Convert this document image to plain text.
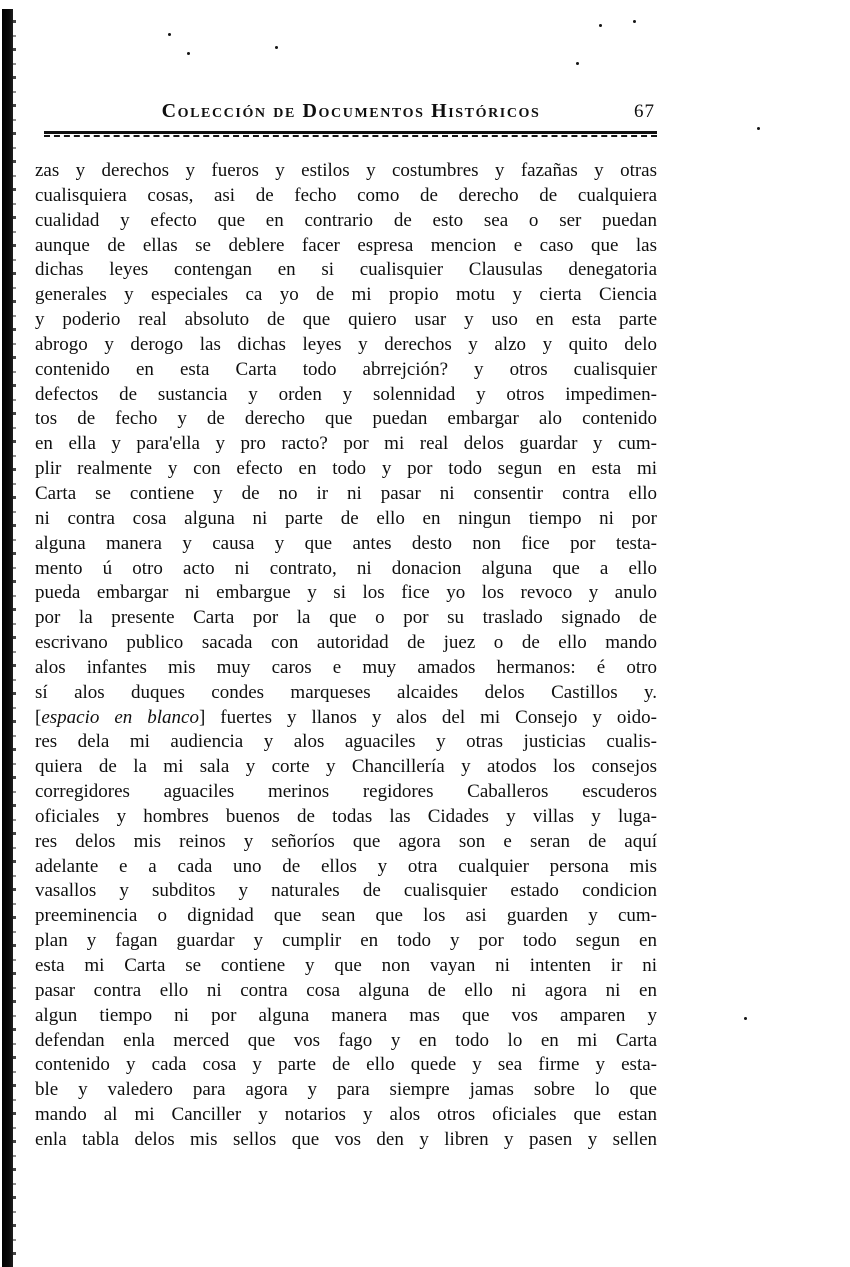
Colección de Documentos Históricos	67
zas y derechos y fueros y estilos y costumbres y fazañas y otras
cualisquiera cosas, asi de fecho como de derecho de cualquiera
cualidad y efecto que en contrario de esto sea o ser puedan
aunque de ellas se deblere facer espresa mencion e caso que las
dichas leyes contengan en si cualisquier Clausulas denegatoria
generales y especiales ca yo de mi propio motu y cierta Ciencia
y poderio real absoluto de que quiero usar y uso en esta parte
abrogo y derogo las dichas leyes y derechos y alzo y quito delo
contenido en esta Carta todo abrrejción? y otros cualisquier
defectos de sustancia y orden y solennidad y otros impedimen-
tos de fecho y de derecho que puedan embargar alo contenido
en ella y para'ella y pro racto? por mi real delos guardar y cum-
plir realmente y con efecto en todo y por todo segun en esta mi
Carta se contiene y de no ir ni pasar ni consentir contra ello
ni contra cosa alguna ni parte de ello en ningun tiempo ni por
alguna manera y causa y que antes desto non fice por testa-
mento ú otro acto ni contrato, ni donacion alguna que a ello
pueda embargar ni embargue y si los fice yo los revoco y anulo
por la presente Carta por la que o por su traslado signado de
escrivano publico sacada con autoridad de juez o de ello mando
alos infantes mis muy caros e muy amados hermanos: é otro
sí alos duques condes marqueses alcaides delos Castillos y.
[espacio en blanco] fuertes y llanos y alos del mi Consejo y oido-
res dela mi audiencia y alos aguaciles y otras justicias cualis-
quiera de la mi sala y corte y Chancillería y atodos los consejos
corregidores aguaciles merinos regidores Caballeros escuderos
oficiales y hombres buenos de todas las Cidades y villas y luga-
res delos mis reinos y señoríos que agora son e seran de aquí
adelante e a cada uno de ellos y otra cualquier persona mis
vasallos y subditos y naturales de cualisquier estado condicion
preeminencia o dignidad que sean que los asi guarden y cum-
plan y fagan guardar y cumplir en todo y por todo segun en
esta mi Carta se contiene y que non vayan ni intenten ir ni
pasar contra ello ni contra cosa alguna de ello ni agora ni en
algun tiempo ni por alguna manera mas que vos amparen y
defendan enla merced que vos fago y en todo lo en mi Carta
contenido y cada cosa y parte de ello quede y sea firme y esta-
ble y valedero para agora y para siempre jamas sobre lo que
mando al mi Canciller y notarios y alos otros oficiales que estan
enla tabla delos mis sellos que vos den y libren y pasen y sellen
